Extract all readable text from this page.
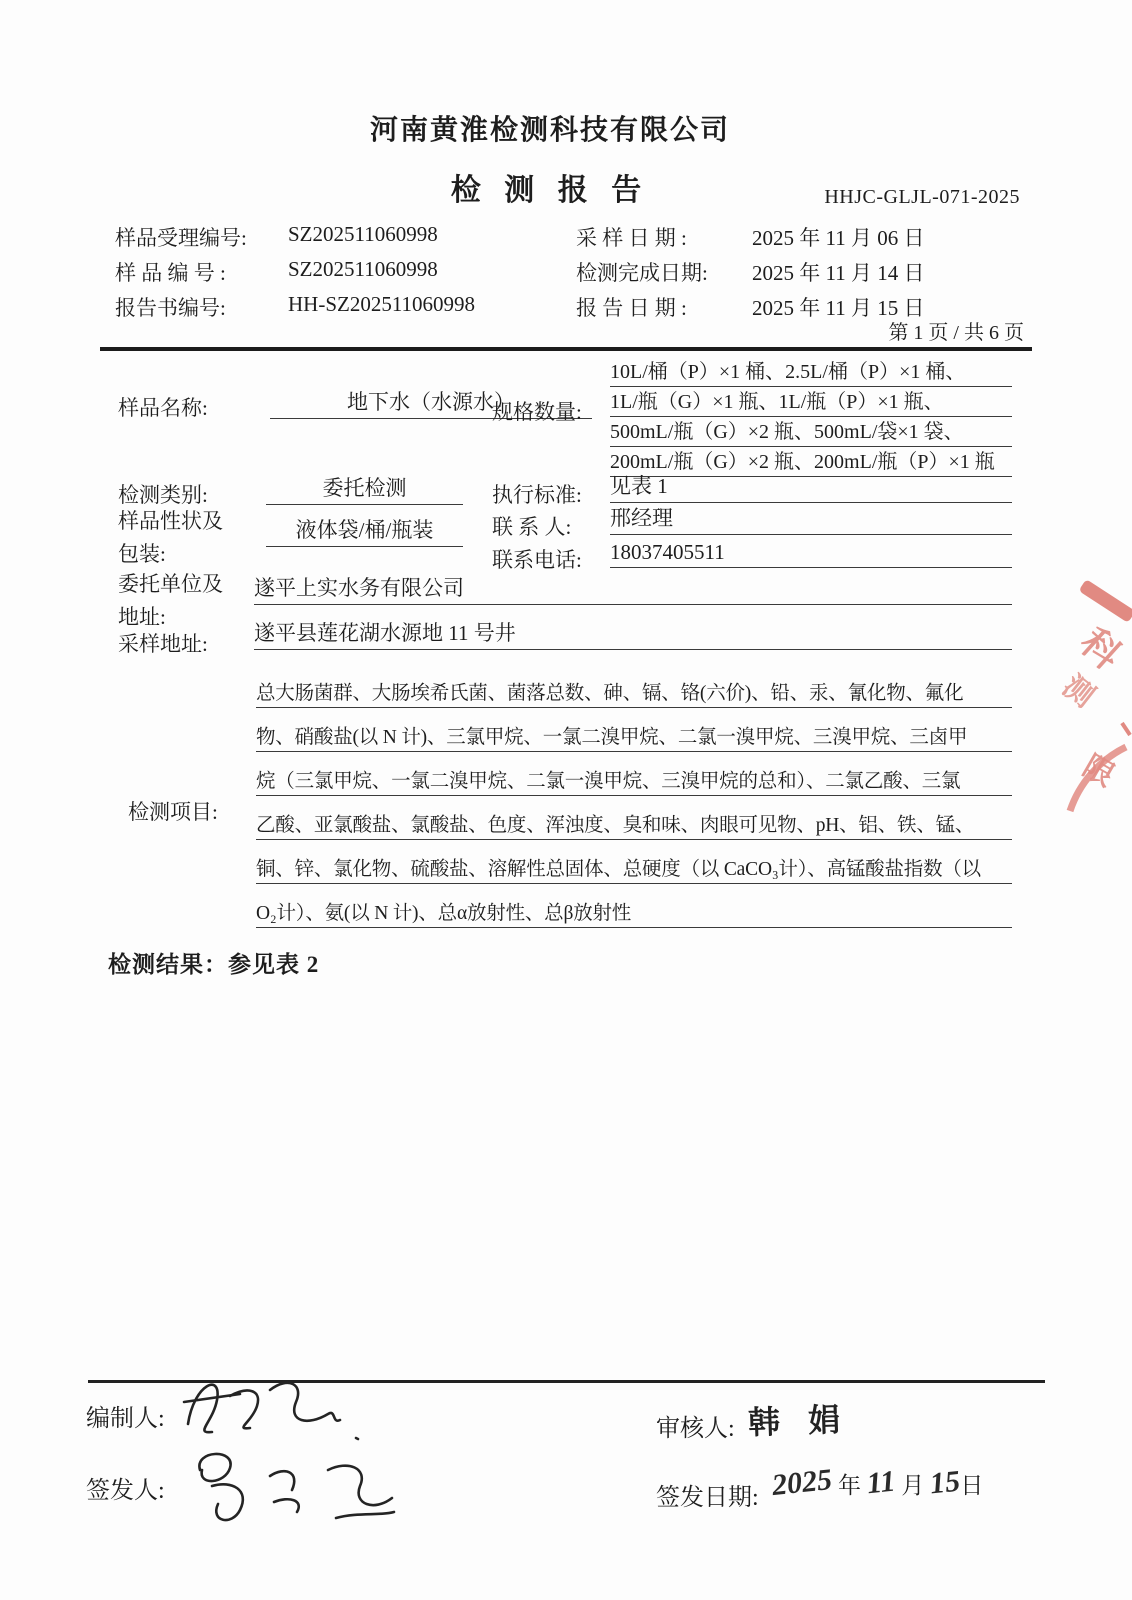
河南黄淮检测科技有限公司
检 测 报 告	HHJC-GLJL-071-2025
样品受理编号: SZ202511060998	采 样 日 期 :	2025 年 11 月 06 日
样 品 编 号 :	SZ202511060998	检测完成日期: 2025 年 11 月 14 日
报告书编号:	HH-SZ202511060998	报 告 日 期 :	2025 年 11 月 15 日
第 1 页 / 共 6 页
样品名称:	地下水（水源水）
规格数量:
10L/桶（P）×1 桶、2.5L/桶（P）×1 桶、
1L/瓶（G）×1 瓶、1L/瓶（P）×1 瓶、
500mL/瓶（G）×2 瓶、500mL/袋×1 袋、
200mL/瓶（G）×2 瓶、200mL/瓶（P）×1 瓶
检测类别:	委托检测	执行标准: 见表 1
样品性状及
包装:
液体袋/桶/瓶装	联 系 人: 邢经理
联系电话: 18037405511
委托单位及
地址:
遂平上实水务有限公司
采样地址: 遂平县莲花湖水源地 11 号井
检测项目:
总大肠菌群、大肠埃希氏菌、菌落总数、砷、镉、铬(六价)、铅、汞、氰化物、氟化
物、硝酸盐(以 N 计)、三氯甲烷、一氯二溴甲烷、二氯一溴甲烷、三溴甲烷、三卤甲
烷（三氯甲烷、一氯二溴甲烷、二氯一溴甲烷、三溴甲烷的总和）、二氯乙酸、三氯
乙酸、亚氯酸盐、氯酸盐、色度、浑浊度、臭和味、肉眼可见物、pH、铝、铁、锰、
铜、锌、氯化物、硫酸盐、溶解性总固体、总硬度（以 CaCO₃计）、高锰酸盐指数（以
O₂计）、氨(以 N 计)、总α放射性、总β放射性
检测结果：参见表 2
科
测
限
编制人:
签发人:
审核人: 韩 娟
签发日期: 2025 年 11 月 15
日
